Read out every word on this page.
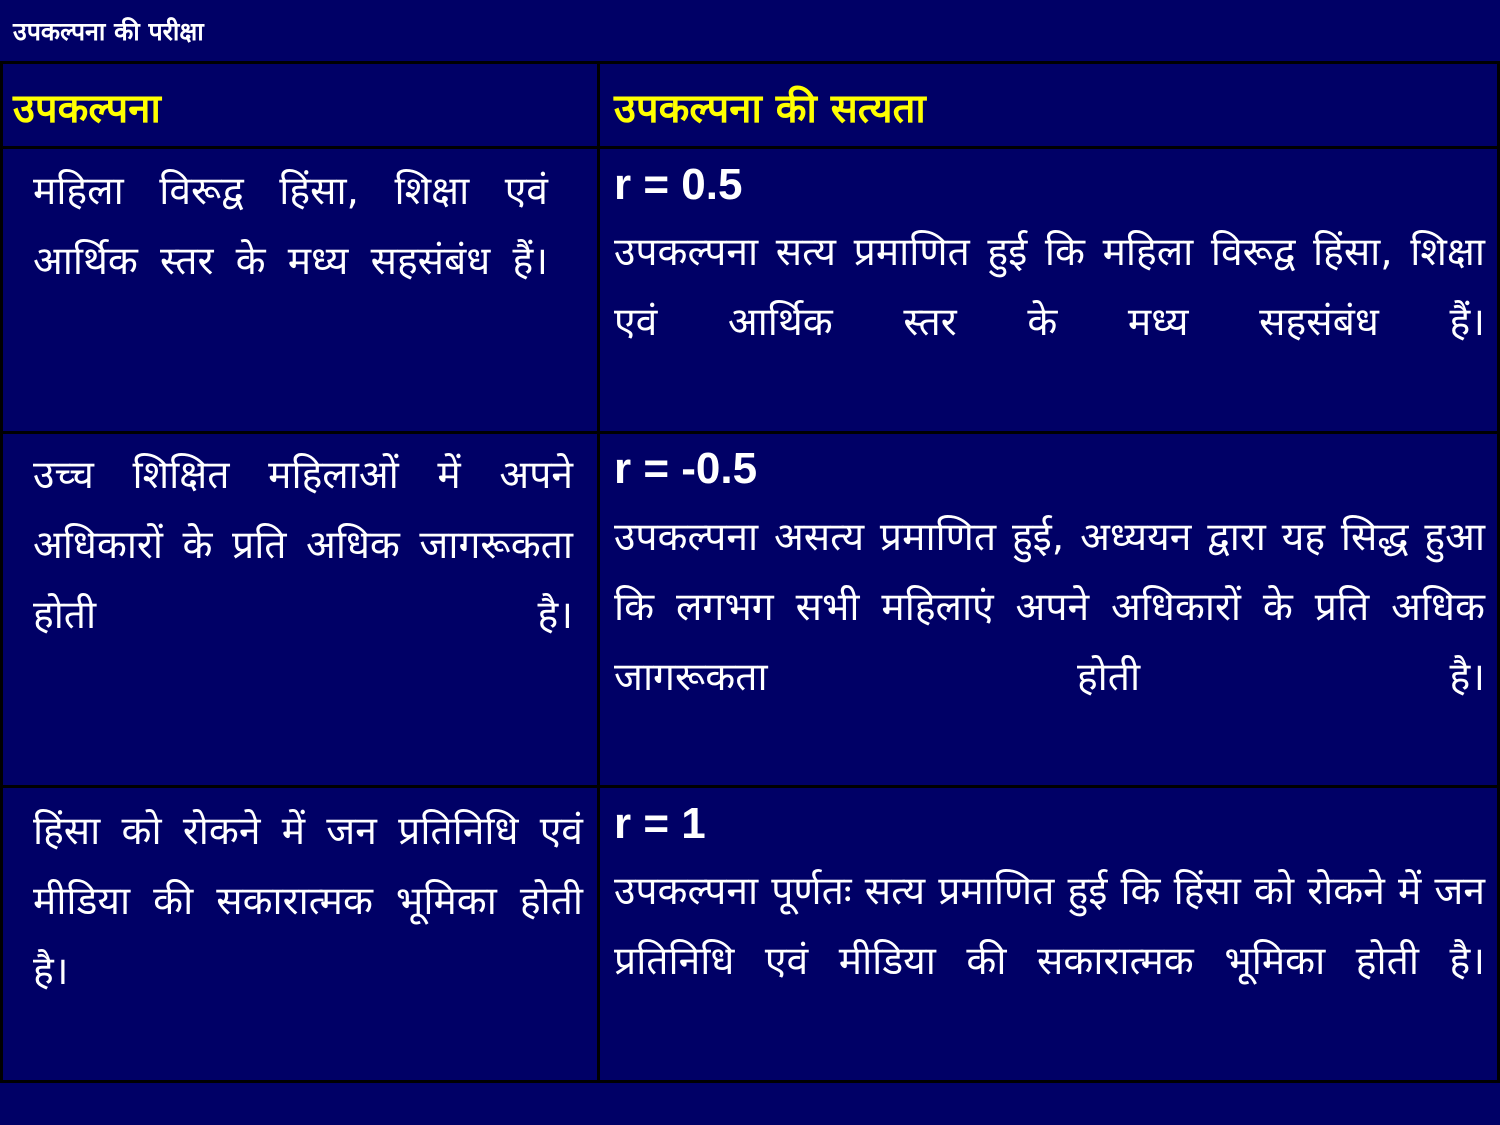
उपकल्पना की परीक्षा
उपकल्पना	उपकल्पना की सत्यता
महिला विरूद्व हिंसा, शिक्षा एवं आर्थिक स्तर के मध्य सहसंबंध हैं।
r = 0.5
उपकल्पना सत्य प्रमाणित हुई कि महिला विरूद्व हिंसा, शिक्षा एवं आर्थिक स्तर के मध्य सहसंबंध हैं।
उच्च शिक्षित महिलाओं में अपने अधिकारों के प्रति अधिक जागरूकता होती है।
r = -0.5
उपकल्पना असत्य प्रमाणित हुई, अध्ययन द्वारा यह सिद्ध हुआ कि लगभग सभी महिलाएं अपने अधिकारों के प्रति अधिक जागरूकता होती है।
हिंसा को रोकने में जन प्रतिनिधि एवं मीडिया की सकारात्मक भूमिका होती है।
r = 1
उपकल्पना पूर्णतः सत्य प्रमाणित हुई कि हिंसा को रोकने में जन प्रतिनिधि एवं मीडिया की सकारात्मक भूमिका होती है।
